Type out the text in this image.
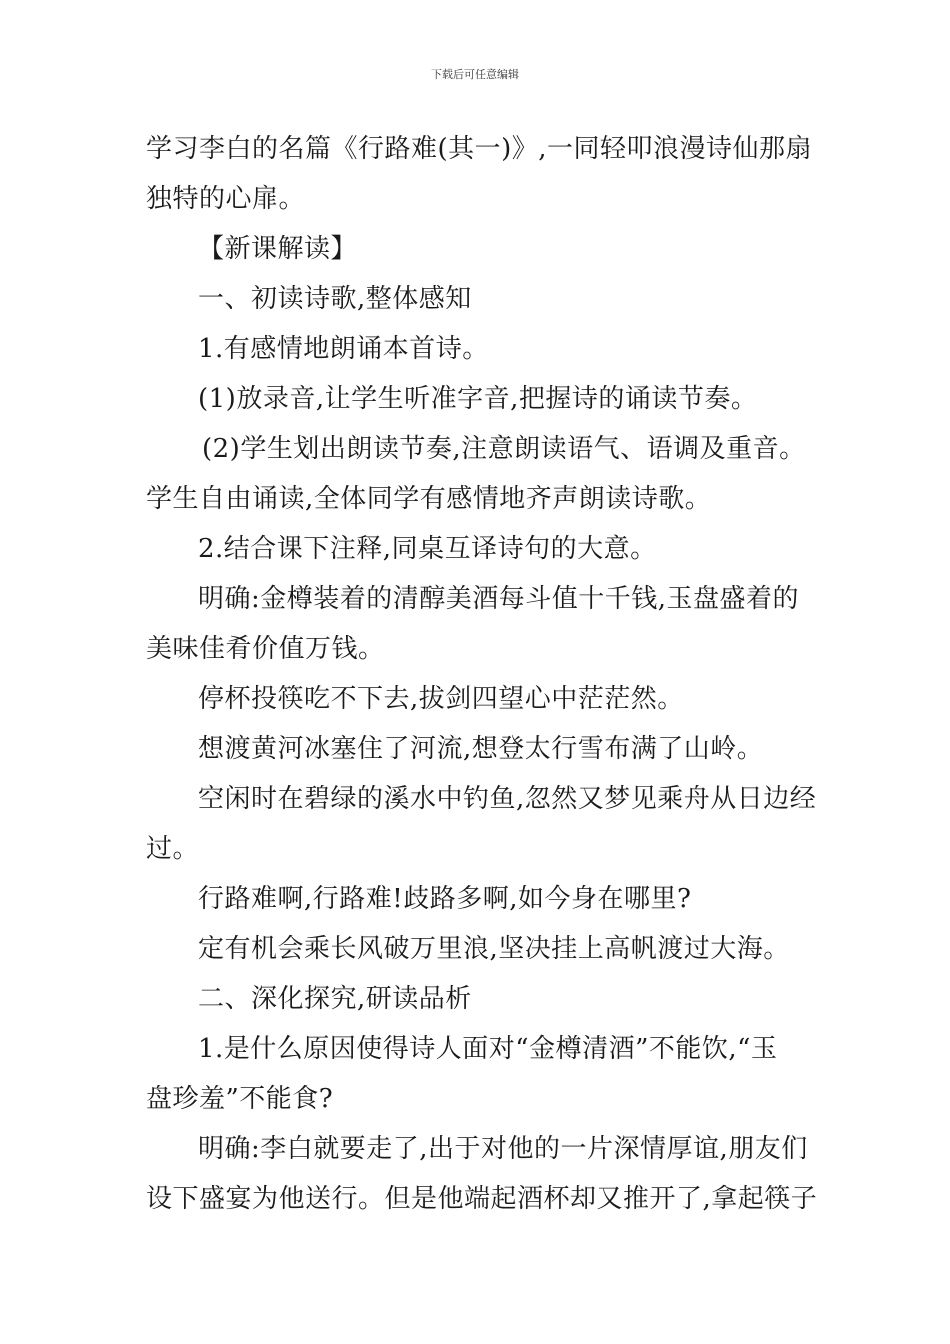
下载后可任意编辑
学习李白的名篇《行路难(其一)》,一同轻叩浪漫诗仙那扇
独特的心扉。
【新课解读】
一、初读诗歌,整体感知
1.有感情地朗诵本首诗。
(1)放录音,让学生听准字音,把握诗的诵读节奏。
(2)学生划出朗读节奏,注意朗读语气、语调及重音。
学生自由诵读,全体同学有感情地齐声朗读诗歌。
2.结合课下注释,同桌互译诗句的大意。
明确:金樽装着的清醇美酒每斗值十千钱,玉盘盛着的
美味佳肴价值万钱。
停杯投筷吃不下去,拔剑四望心中茫茫然。
想渡黄河冰塞住了河流,想登太行雪布满了山岭。
空闲时在碧绿的溪水中钓鱼,忽然又梦见乘舟从日边经
过。
行路难啊,行路难!歧路多啊,如今身在哪里?
定有机会乘长风破万里浪,坚决挂上高帆渡过大海。
二、深化探究,研读品析
1.是什么原因使得诗人面对“金樽清酒”不能饮,“玉
盘珍羞”不能食?
明确:李白就要走了,出于对他的一片深情厚谊,朋友们
设下盛宴为他送行。但是他端起酒杯却又推开了,拿起筷子
